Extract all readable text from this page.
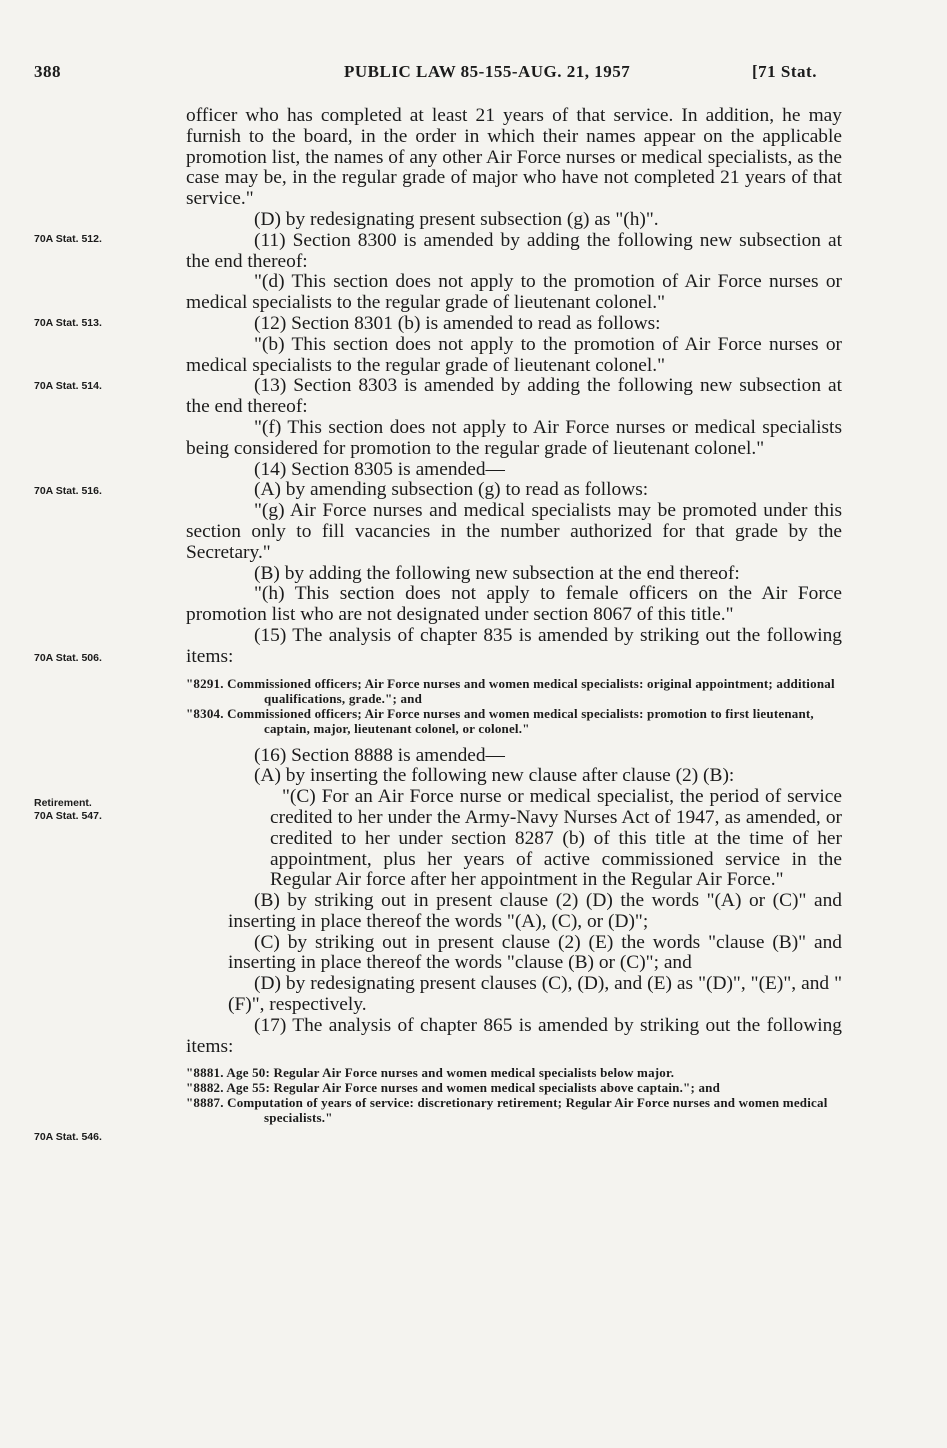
388	PUBLIC LAW 85-155-AUG. 21, 1957	[71 Stat.
70A Stat. 512.
70A Stat. 513.
70A Stat. 514.
70A Stat. 516.
70A Stat. 506.
Retirement.
70A Stat. 547.
70A Stat. 546.

officer who has completed at least 21 years of that service. In addition, he may furnish to the board, in the order in which their names appear on the applicable promotion list, the names of any other Air Force nurses or medical specialists, as the case may be, in the regular grade of major who have not completed 21 years of that service."

(D) by redesignating present subsection (g) as "(h)".

(11) Section 8300 is amended by adding the following new subsection at the end thereof:

"(d) This section does not apply to the promotion of Air Force nurses or medical specialists to the regular grade of lieutenant colonel."

(12) Section 8301 (b) is amended to read as follows:

"(b) This section does not apply to the promotion of Air Force nurses or medical specialists to the regular grade of lieutenant colonel."

(13) Section 8303 is amended by adding the following new subsection at the end thereof:

"(f) This section does not apply to Air Force nurses or medical specialists being considered for promotion to the regular grade of lieutenant colonel."

(14) Section 8305 is amended—

(A) by amending subsection (g) to read as follows:

"(g) Air Force nurses and medical specialists may be promoted under this section only to fill vacancies in the number authorized for that grade by the Secretary."

(B) by adding the following new subsection at the end thereof:

"(h) This section does not apply to female officers on the Air Force promotion list who are not designated under section 8067 of this title."

(15) The analysis of chapter 835 is amended by striking out the following items:

"8291. Commissioned officers; Air Force nurses and women medical specialists: original appointment; additional qualifications, grade."; and

"8304. Commissioned officers; Air Force nurses and women medical specialists: promotion to first lieutenant, captain, major, lieutenant colonel, or colonel."

(16) Section 8888 is amended—

(A) by inserting the following new clause after clause (2) (B):

"(C) For an Air Force nurse or medical specialist, the period of service credited to her under the Army-Navy Nurses Act of 1947, as amended, or credited to her under section 8287 (b) of this title at the time of her appointment, plus her years of active commissioned service in the Regular Air force after her appointment in the Regular Air Force."

(B) by striking out in present clause (2) (D) the words "(A) or (C)" and inserting in place thereof the words "(A), (C), or (D)";

(C) by striking out in present clause (2) (E) the words "clause (B)" and inserting in place thereof the words "clause (B) or (C)"; and

(D) by redesignating present clauses (C), (D), and (E) as "(D)", "(E)", and "(F)", respectively.

(17) The analysis of chapter 865 is amended by striking out the following items:

"8881. Age 50: Regular Air Force nurses and women medical specialists below major.

"8882. Age 55: Regular Air Force nurses and women medical specialists above captain."; and

"8887. Computation of years of service: discretionary retirement; Regular Air Force nurses and women medical specialists."
